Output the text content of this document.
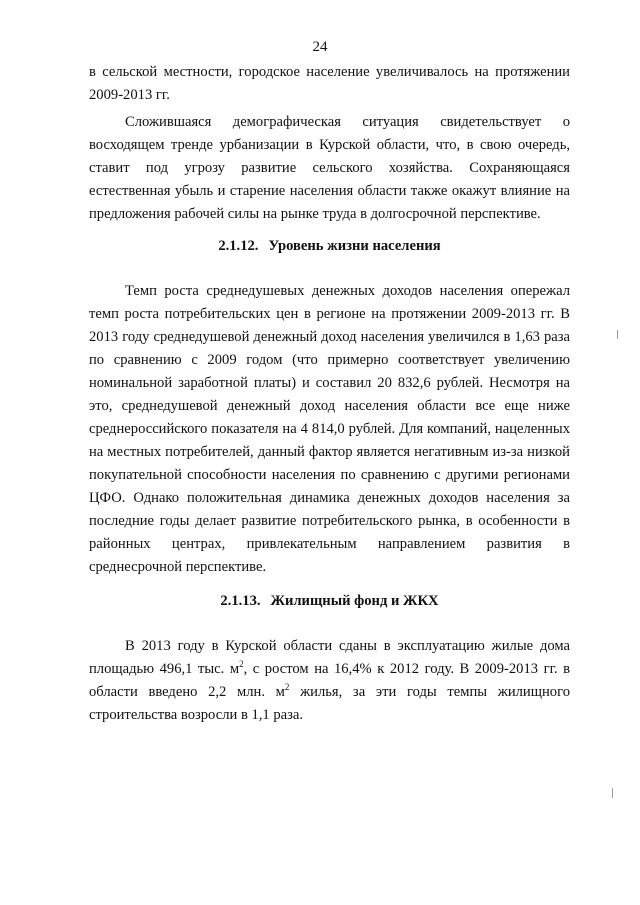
24

в сельской местности, городское население увеличивалось на протяжении 2009-2013 гг.

Сложившаяся демографическая ситуация свидетельствует о восходящем тренде урбанизации в Курской области, что, в свою очередь, ставит под угрозу развитие сельского хозяйства. Сохраняющаяся естественная убыль и старение населения области также окажут влияние на предложения рабочей силы на рынке труда в долгосрочной перспективе.

2.1.12. Уровень жизни населения

Темп роста среднедушевых денежных доходов населения опережал темп роста потребительских цен в регионе на протяжении 2009-2013 гг. В 2013 году среднедушевой денежный доход населения увеличился в 1,63 раза по сравнению с 2009 годом (что примерно соответствует увеличению номинальной заработной платы) и составил 20 832,6 рублей. Несмотря на это, среднедушевой денежный доход населения области все еще ниже среднероссийского показателя на 4 814,0 рублей. Для компаний, нацеленных на местных потребителей, данный фактор является негативным из-за низкой покупательной способности населения по сравнению с другими регионами ЦФО. Однако положительная динамика денежных доходов населения за последние годы делает развитие потребительского рынка, в особенности в районных центрах, привлекательным направлением развития в среднесрочной перспективе.

2.1.13. Жилищный фонд и ЖКХ

В 2013 году в Курской области сданы в эксплуатацию жилые дома площадью 496,1 тыс. $м^2$, с ростом на 16,4% к 2012 году. В 2009-2013 гг. в области введено 2,2 млн. $м^2$ жилья, за эти годы темпы жилищного строительства возросли в 1,1 раза.
